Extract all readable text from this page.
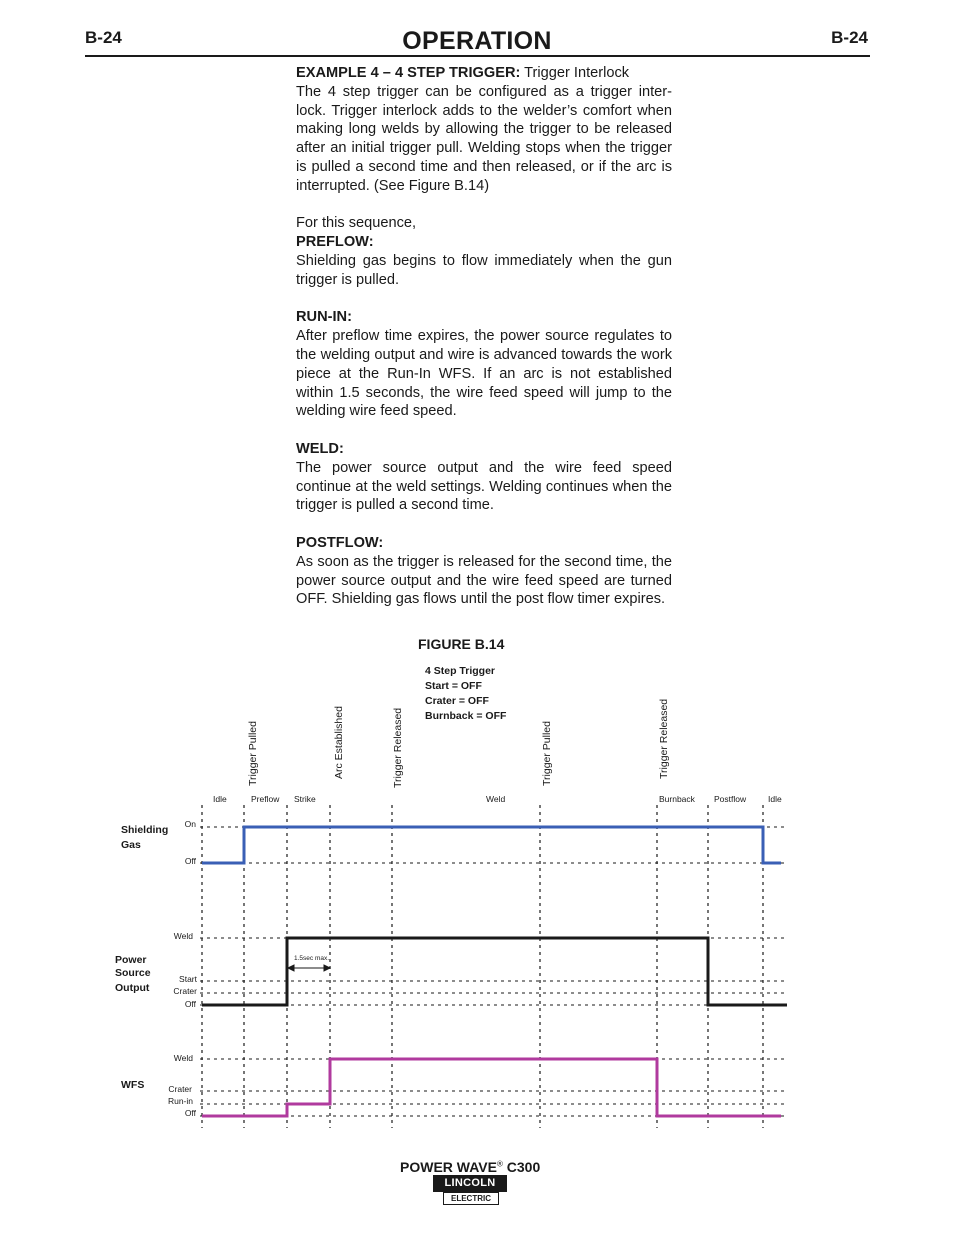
B-24	OPERATION	B-24

EXAMPLE 4 – 4 STEP TRIGGER: Trigger Interlock

The 4 step trigger can be configured as a trigger inter-lock. Trigger interlock adds to the welder’s comfort when making long welds by allowing the trigger to be released after an initial trigger pull. Welding stops when the trigger is pulled a second time and then released, or if the arc is interrupted. (See Figure B.14)

For this sequence,

PREFLOW:

Shielding gas begins to flow immediately when the gun trigger is pulled.

RUN-IN:

After preflow time expires, the power source regulates to the welding output and wire is advanced towards the work piece at the Run-In WFS. If an arc is not established within 1.5 seconds, the wire feed speed will jump to the welding wire feed speed.

WELD:

The power source output and the wire feed speed continue at the weld settings. Welding continues when the trigger is pulled a second time.

POSTFLOW:

As soon as the trigger is released for the second time, the power source output and the wire feed speed are turned OFF. Shielding gas flows until the post flow timer expires.

FIGURE B.14
4 Step Trigger
Start = OFF
Crater = OFF
Burnback = OFF
Trigger Pulled	Arc Established	Trigger Released	Trigger Pulled	Trigger Released
Idle	Preflow Strike	Weld	Burnback Postflow	Idle
Shielding
Gas
Power
Source
Output
WFS
On
Off
Weld
Start
Crater
Off
Weld
Crater
Run-in
Off
1.5sec max.
POWER WAVE® C300
LINCOLN
ELECTRIC
